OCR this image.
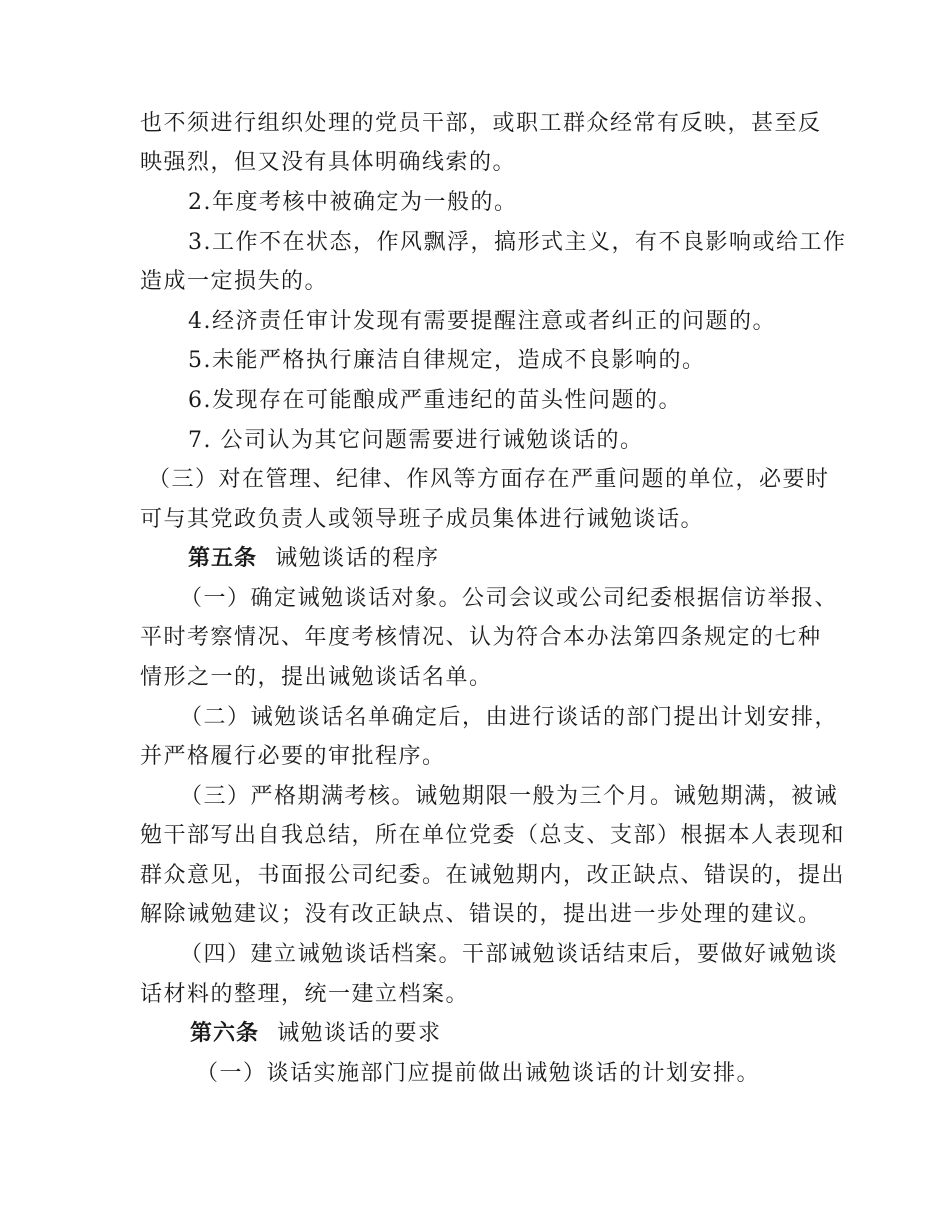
也不须进行组织处理的党员干部，或职工群众经常有反映，甚至反
映强烈，但又没有具体明确线索的。
2.年度考核中被确定为一般的。
3.工作不在状态，作风飘浮，搞形式主义，有不良影响或给工作
造成一定损失的。
4.经济责任审计发现有需要提醒注意或者纠正的问题的。
5.未能严格执行廉洁自律规定，造成不良影响的。
6.发现存在可能酿成严重违纪的苗头性问题的。
7. 公司认为其它问题需要进行诫勉谈话的。
（三）对在管理、纪律、作风等方面存在严重问题的单位，必要时
可与其党政负责人或领导班子成员集体进行诫勉谈话。
第五条 诫勉谈话的程序
（一）确定诫勉谈话对象。公司会议或公司纪委根据信访举报、
平时考察情况、年度考核情况、认为符合本办法第四条规定的七种
情形之一的，提出诫勉谈话名单。
（二）诫勉谈话名单确定后，由进行谈话的部门提出计划安排，
并严格履行必要的审批程序。
（三）严格期满考核。诫勉期限一般为三个月。诫勉期满，被诫
勉干部写出自我总结，所在单位党委（总支、支部）根据本人表现和
群众意见，书面报公司纪委。在诫勉期内，改正缺点、错误的，提出
解除诫勉建议；没有改正缺点、错误的，提出进一步处理的建议。
（四）建立诫勉谈话档案。干部诫勉谈话结束后，要做好诫勉谈
话材料的整理，统一建立档案。
第六条 诫勉谈话的要求
（一）谈话实施部门应提前做出诫勉谈话的计划安排。
